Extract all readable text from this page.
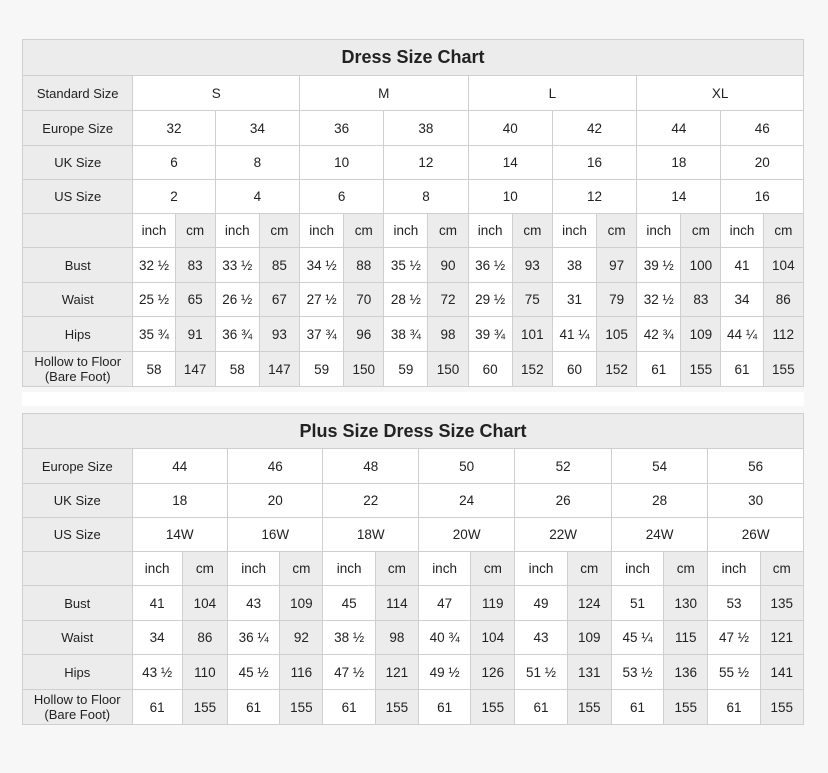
Dress Size Chart																
Standard Size	S				M				L				XL			
Europe Size	32		34		36		38		40		42		44		46	
UK Size	6		8		10		12		14		16		18		20	
US Size	2		4		6		8		10		12		14		16	
	inch	cm	inch	cm	inch	cm	inch	cm	inch	cm	inch	cm	inch	cm	inch	cm
Bust	32 ½	83	33 ½	85	34 ½	88	35 ½	90	36 ½	93	38	97	39 ½	100	41	104
Waist	25 ½	65	26 ½	67	27 ½	70	28 ½	72	29 ½	75	31	79	32 ½	83	34	86
Hips	35 ¾	91	36 ¾	93	37 ¾	96	38 ¾	98	39 ¾	101	41 ¼	105	42 ¾	109	44 ¼	112
Hollow to Floor
(Bare Foot)	58	147	58	147	59	150	59	150	60	152	60	152	61	155	61	155
Plus Size Dress Size Chart														
Europe Size	44		46		48		50		52		54		56	
UK Size	18		20		22		24		26		28		30	
US Size	14W		16W		18W		20W		22W		24W		26W	
	inch	cm	inch	cm	inch	cm	inch	cm	inch	cm	inch	cm	inch	cm
Bust	41	104	43	109	45	114	47	119	49	124	51	130	53	135
Waist	34	86	36 ¼	92	38 ½	98	40 ¾	104	43	109	45 ¼	115	47 ½	121
Hips	43 ½	110	45 ½	116	47 ½	121	49 ½	126	51 ½	131	53 ½	136	55 ½	141
Hollow to Floor
(Bare Foot)	61	155	61	155	61	155	61	155	61	155	61	155	61	155
